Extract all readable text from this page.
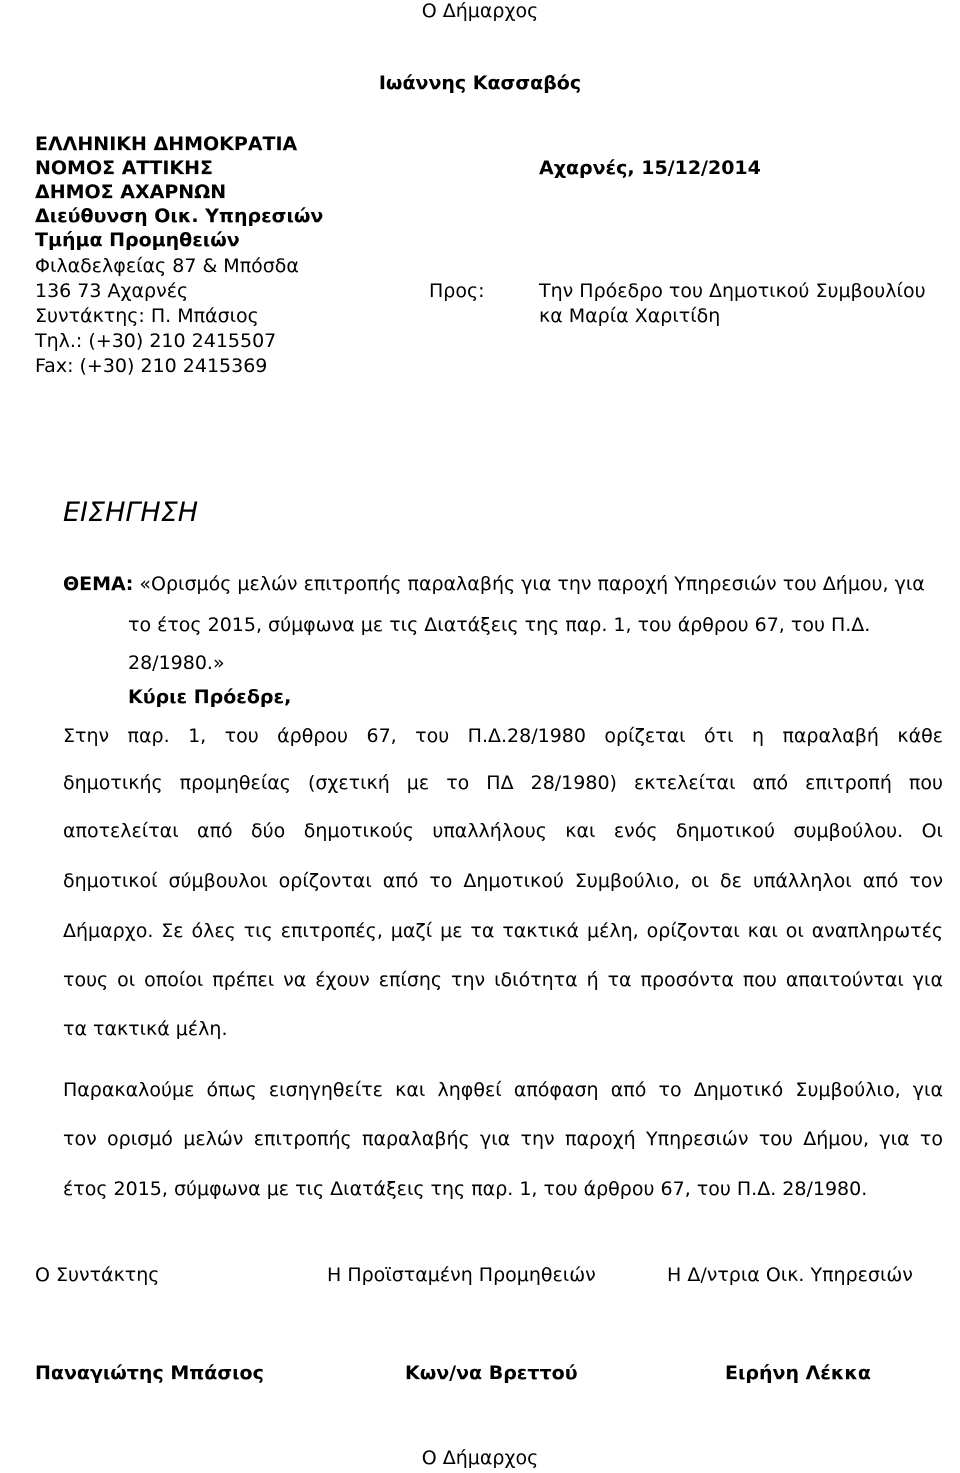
Ο Δήμαρχος
Ιωάννης Κασσαβός
ΕΛΛΗΝΙΚΗ ΔΗΜΟΚΡΑΤΙΑ
ΝΟΜΟΣ ΑΤΤΙΚΗΣ
ΔΗΜΟΣ ΑΧΑΡΝΩΝ
Διεύθυνση Οικ. Υπηρεσιών
Τμήμα Προμηθειών
Φιλαδελφείας 87 & Μπόσδα
136 73 Αχαρνές
Συντάκτης: Π. Μπάσιος
Τηλ.: (+30) 210 2415507
Fax: (+30) 210 2415369
Αχαρνές, 15/12/2014
Προς:	Την Πρόεδρο του Δημοτικού Συμβουλίου
κα Μαρία Χαριτίδη
ΕΙΣΗΓΗΣΗ
ΘΕΜΑ: «Ορισμός μελών επιτροπής παραλαβής για την παροχή Υπηρεσιών του Δήμου, για
το έτος 2015, σύμφωνα με τις Διατάξεις της παρ. 1, του άρθρου 67, του Π.Δ.
28/1980.»
Κύριε Πρόεδρε,
Στην παρ. 1, του άρθρου 67, του Π.Δ.28/1980 ορίζεται ότι η παραλαβή κάθε
δημοτικής προμηθείας (σχετική με το ΠΔ 28/1980) εκτελείται από επιτροπή που
αποτελείται από δύο δημοτικούς υπαλλήλους και ενός δημοτικού συμβούλου. Οι
δημοτικοί σύμβουλοι ορίζονται από το Δημοτικού Συμβούλιο, οι δε υπάλληλοι από τον
Δήμαρχο. Σε όλες τις επιτροπές, μαζί με τα τακτικά μέλη, ορίζονται και οι αναπληρωτές
τους οι οποίοι πρέπει να έχουν επίσης την ιδιότητα ή τα προσόντα που απαιτούνται για
τα τακτικά μέλη.
Παρακαλούμε όπως εισηγηθείτε και ληφθεί απόφαση από το Δημοτικό Συμβούλιο, για
τον ορισμό μελών επιτροπής παραλαβής για την παροχή Υπηρεσιών του Δήμου, για το
έτος 2015, σύμφωνα με τις Διατάξεις της παρ. 1, του άρθρου 67, του Π.Δ. 28/1980.
Ο Συντάκτης	Η Προϊσταμένη Προμηθειών	Η Δ/ντρια Οικ. Υπηρεσιών
Παναγιώτης Μπάσιος	Κων/να Βρεττού	Ειρήνη Λέκκα
Ο Δήμαρχος
